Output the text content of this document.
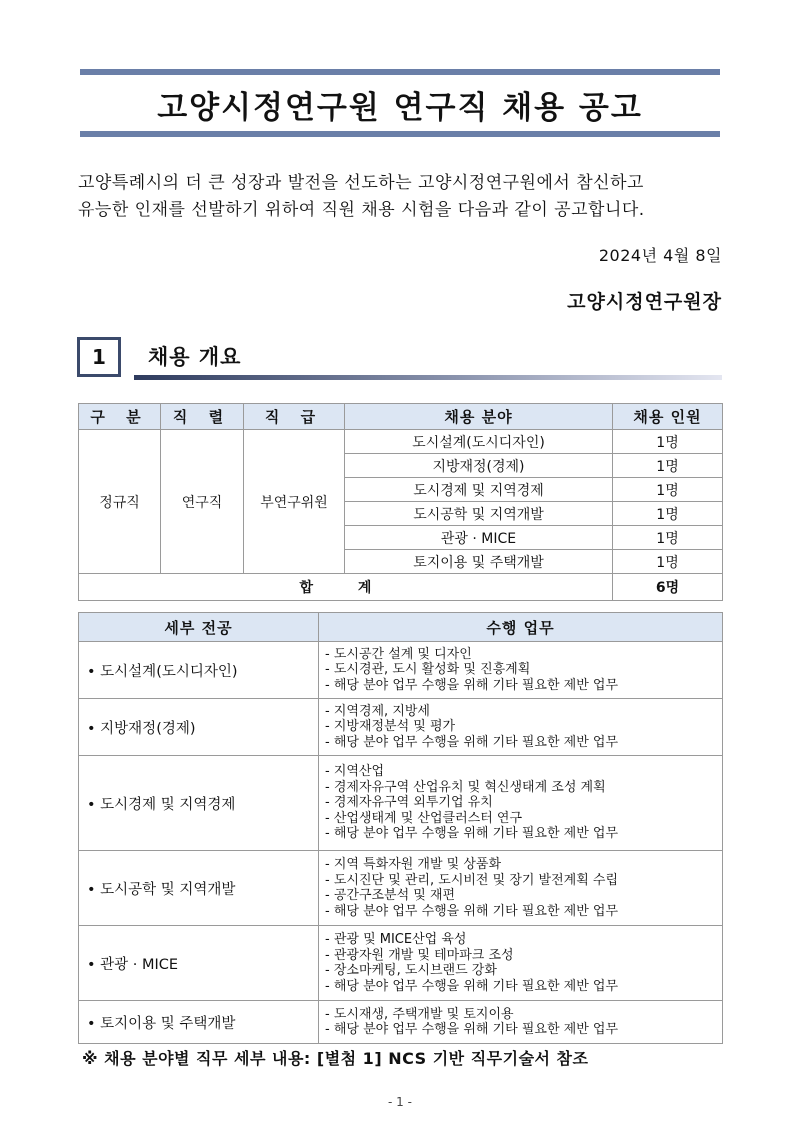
고양시정연구원 연구직 채용 공고

고양특례시의 더 큰 성장과 발전을 선도하는 고양시정연구원에서 참신하고

유능한 인재를 선발하기 위하여 직원 채용 시험을 다음과 같이 공고합니다.

2024년 4월 8일
고양시정연구원장
1	채용 개요
구 분	직 렬	직 급	채용 분야	채용 인원
정규직	연구직	부연구위원	도시설계(도시디자인)	1명
			지방재정(경제)	1명
			도시경제 및 지역경제	1명
			도시공학 및 지역개발	1명
			관광 · MICE	1명
			토지이용 및 주택개발	1명
합 계				6명
세부 전공	수행 업무
• 도시설계(도시디자인)	- 도시공간 설계 및 디자인
- 도시경관, 도시 활성화 및 진흥계획
- 해당 분야 업무 수행을 위해 기타 필요한 제반 업무

• 지방재정(경제)	- 지역경제, 지방세
- 지방재정분석 및 평가
- 해당 분야 업무 수행을 위해 기타 필요한 제반 업무

• 도시경제 및 지역경제	- 지역산업
- 경제자유구역 산업유치 및 혁신생태계 조성 계획
- 경제자유구역 외투기업 유치
- 산업생태계 및 산업클러스터 연구
- 해당 분야 업무 수행을 위해 기타 필요한 제반 업무

• 도시공학 및 지역개발	- 지역 특화자원 개발 및 상품화
- 도시진단 및 관리, 도시비전 및 장기 발전계획 수립
- 공간구조분석 및 재편
- 해당 분야 업무 수행을 위해 기타 필요한 제반 업무

• 관광 · MICE	- 관광 및 MICE산업 육성
- 관광자원 개발 및 테마파크 조성
- 장소마케팅, 도시브랜드 강화
- 해당 분야 업무 수행을 위해 기타 필요한 제반 업무

• 토지이용 및 주택개발	- 도시재생, 주택개발 및 토지이용
- 해당 분야 업무 수행을 위해 기타 필요한 제반 업무
※ 채용 분야별 직무 세부 내용: [별첨 1] NCS 기반 직무기술서 참조
- 1 -
